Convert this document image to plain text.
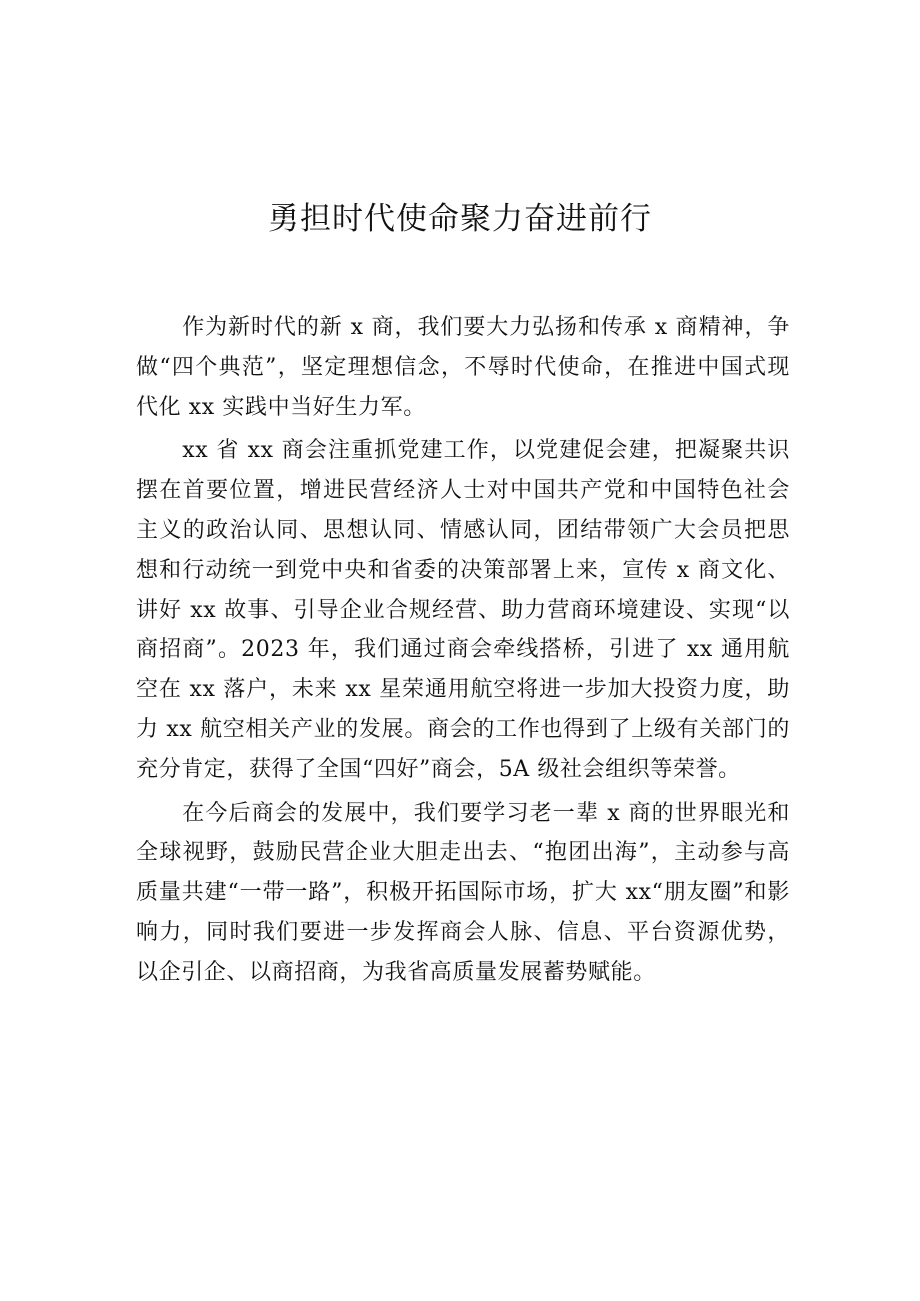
勇担时代使命聚力奋进前行

作为新时代的新 x 商，我们要大力弘扬和传承 x 商精神，争做“四个典范”，坚定理想信念，不辱时代使命，在推进中国式现代化 xx 实践中当好生力军。

xx 省 xx 商会注重抓党建工作，以党建促会建，把凝聚共识摆在首要位置，增进民营经济人士对中国共产党和中国特色社会主义的政治认同、思想认同、情感认同，团结带领广大会员把思想和行动统一到党中央和省委的决策部署上来，宣传 x 商文化、讲好 xx 故事、引导企业合规经营、助力营商环境建设、实现“以商招商”。2023 年，我们通过商会牵线搭桥，引进了 xx 通用航空在 xx 落户，未来 xx 星荣通用航空将进一步加大投资力度，助力 xx 航空相关产业的发展。商会的工作也得到了上级有关部门的充分肯定，获得了全国“四好”商会，5A 级社会组织等荣誉。

在今后商会的发展中，我们要学习老一辈 x 商的世界眼光和全球视野，鼓励民营企业大胆走出去、“抱团出海”，主动参与高质量共建“一带一路”，积极开拓国际市场，扩大 xx“朋友圈”和影响力，同时我们要进一步发挥商会人脉、信息、平台资源优势，以企引企、以商招商，为我省高质量发展蓄势赋能。
